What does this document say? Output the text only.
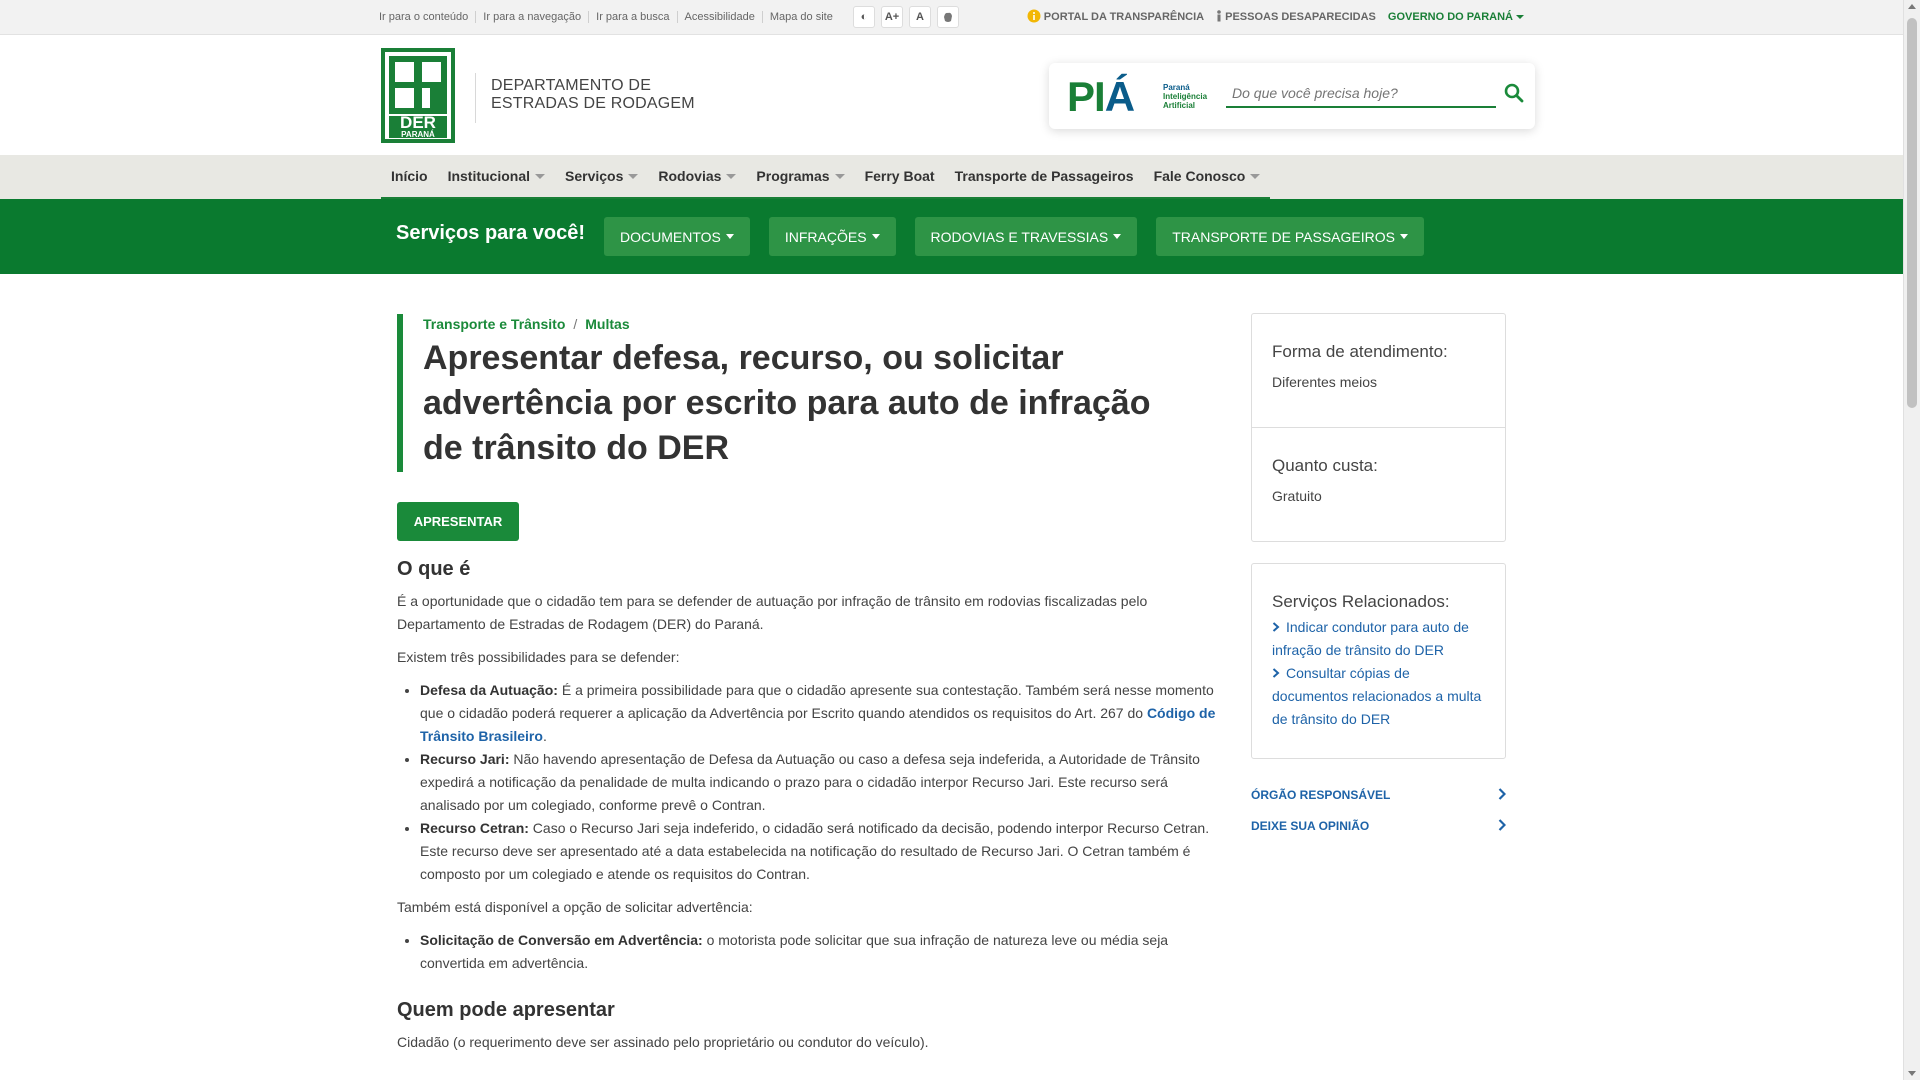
Ir para o conteúdo	Ir para a navegação	Ir para a busca	Acessibilidade	Mapa do site	◐	A+	A	PORTAL DA TRANSPARÊNCIA PESSOAS DESAPARECIDAS GOVERNO DO PARANÁ
DER
PARANÁ
DEPARTAMENTO DE
ESTRADAS DE RODAGEM	PIÁ	Paraná
Inteligência
Artificial
Do que você precisa hoje?
Início Institucional	Serviços	Rodovias	Programas	Ferry Boat Transporte de Passageiros Fale Conosco
Serviços para você!	DOCUMENTOS	INFRAÇÕES	RODOVIAS E TRAVESSIAS	TRANSPORTE DE PASSAGEIROS
Transporte e Trânsito / Multas
Apresentar defesa, recurso, ou solicitar advertência por escrito para auto de infração de trânsito do DER
APRESENTAR
O que é

É a oportunidade que o cidadão tem para se defender de autuação por infração de trânsito em rodovias fiscalizadas pelo Departamento de Estradas de Rodagem (DER) do Paraná.

Existem três possibilidades para se defender:

• Defesa da Autuação: É a primeira possibilidade para que o cidadão apresente sua contestação. Também será nesse momento que o cidadão poderá requerer a aplicação da Advertência por Escrito quando atendidos os requisitos do Art. 267 do Código de Trânsito Brasileiro.
• Recurso Jari: Não havendo apresentação de Defesa da Autuação ou caso a defesa seja indeferida, a Autoridade de Trânsito expedirá a notificação da penalidade de multa indicando o prazo para o cidadão interpor Recurso Jari. Este recurso será analisado por um colegiado, conforme prevê o Contran.
• Recurso Cetran: Caso o Recurso Jari seja indeferido, o cidadão será notificado da decisão, podendo interpor Recurso Cetran. Este recurso deve ser apresentado até a data estabelecida na notificação do resultado de Recurso Jari. O Cetran também é composto por um colegiado e atende os requisitos do Contran.

Também está disponível a opção de solicitar advertência:

• Solicitação de Conversão em Advertência: o motorista pode solicitar que sua infração de natureza leve ou média seja convertida em advertência.
Quem pode apresentar

Cidadão (o requerimento deve ser assinado pelo proprietário ou condutor do veículo).

Forma de atendimento:
Diferentes meios
Quanto custa:
Gratuito
Serviços Relacionados:
Indicar condutor para auto de infração de trânsito do DER
Consultar cópias de documentos relacionados a multa de trânsito do DER
ÓRGÃO RESPONSÁVEL
DEIXE SUA OPINIÃO
